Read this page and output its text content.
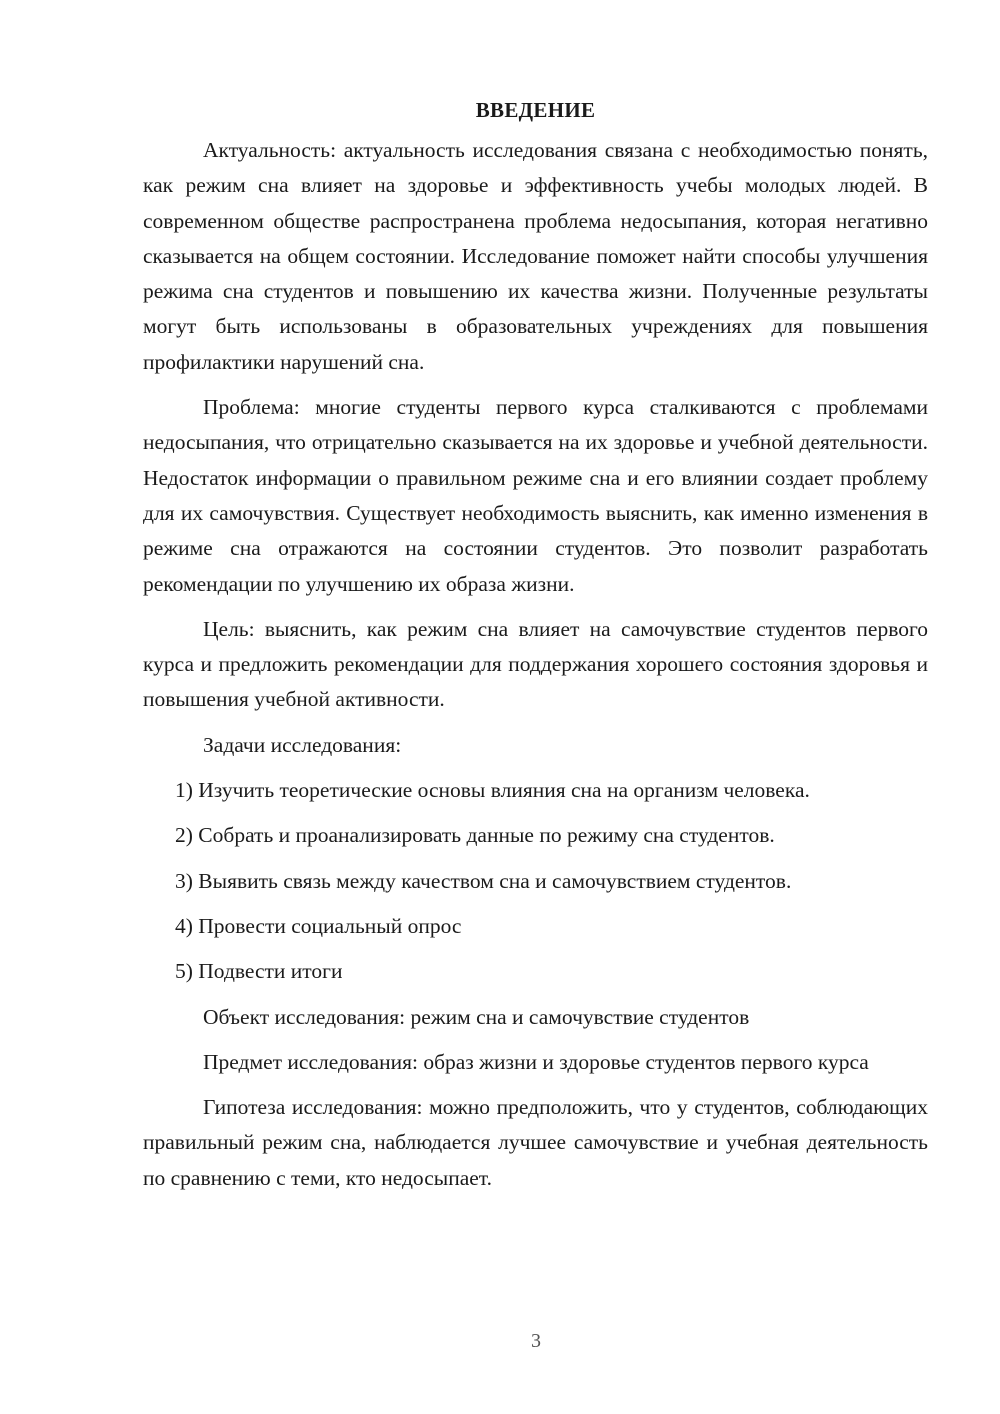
ВВЕДЕНИЕ

Актуальность: актуальность исследования связана с необходимостью понять, как режим сна влияет на здоровье и эффективность учебы молодых людей. В современном обществе распространена проблема недосыпания, которая негативно сказывается на общем состоянии. Исследование поможет найти способы улучшения режима сна студентов и повышению их качества жизни. Полученные результаты могут быть использованы в образовательных учреждениях для повышения профилактики нарушений сна.

Проблема: многие студенты первого курса сталкиваются с проблемами недосыпания, что отрицательно сказывается на их здоровье и учебной деятельности. Недостаток информации о правильном режиме сна и его влиянии создает проблему для их самочувствия. Существует необходимость выяснить, как именно изменения в режиме сна отражаются на состоянии студентов. Это позволит разработать рекомендации по улучшению их образа жизни.

Цель: выяснить, как режим сна влияет на самочувствие студентов первого курса и предложить рекомендации для поддержания хорошего состояния здоровья и повышения учебной активности.

Задачи исследования:

1) Изучить теоретические основы влияния сна на организм человека.
2) Собрать и проанализировать данные по режиму сна студентов.
3) Выявить связь между качеством сна и самочувствием студентов.
4) Провести социальный опрос
5) Подвести итоги

Объект исследования: режим сна и самочувствие студентов

Предмет исследования: образ жизни и здоровье студентов первого курса

Гипотеза исследования: можно предположить, что у студентов, соблюдающих правильный режим сна, наблюдается лучшее самочувствие и учебная деятельность по сравнению с теми, кто недосыпает.

3
